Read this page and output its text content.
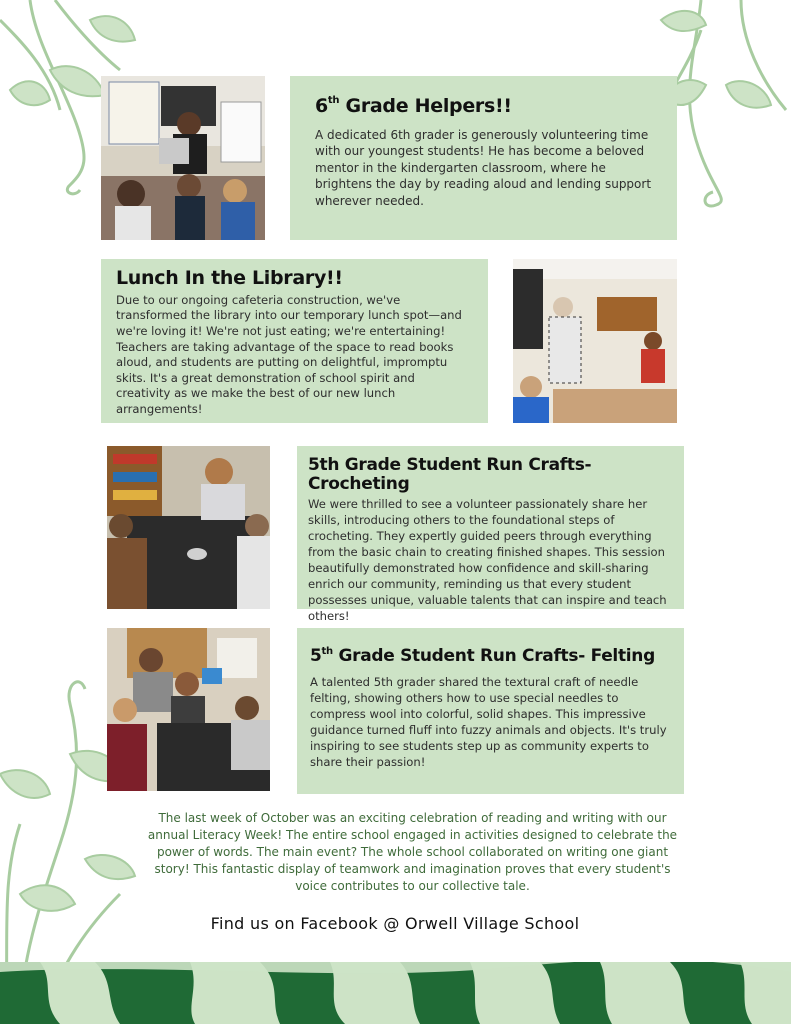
6th Grade Helpers!!

A dedicated 6th grader is generously volunteering time with our youngest students! He has become a beloved mentor in the kindergarten classroom, where he brightens the day by reading aloud and lending support wherever needed.

Lunch In the Library!!

Due to our ongoing cafeteria construction, we've transformed the library into our temporary lunch spot—and we're loving it! We're not just eating; we're entertaining! Teachers are taking advantage of the space to read books aloud, and students are putting on delightful, impromptu skits. It's a great demonstration of school spirit and creativity as we make the best of our new lunch arrangements!

5th Grade Student Run Crafts- Crocheting

We were thrilled to see a volunteer passionately share her skills, introducing others to the foundational steps of crocheting. They expertly guided peers through everything from the basic chain to creating finished shapes. This session beautifully demonstrated how confidence and skill-sharing enrich our community, reminding us that every student possesses unique, valuable talents that can inspire and teach others!

5th Grade Student Run Crafts- Felting

A talented 5th grader shared the textural craft of needle felting, showing others how to use special needles to compress wool into colorful, solid shapes. This impressive guidance turned fluff into fuzzy animals and objects. It's truly inspiring to see students step up as community experts to share their passion!

The last week of October was an exciting celebration of reading and writing with our annual Literacy Week! The entire school engaged in activities designed to celebrate the power of words. The main event? The whole school collaborated on writing one giant story! This fantastic display of teamwork and imagination proves that every student's voice contributes to our collective tale.
Find us on Facebook @ Orwell Village School
